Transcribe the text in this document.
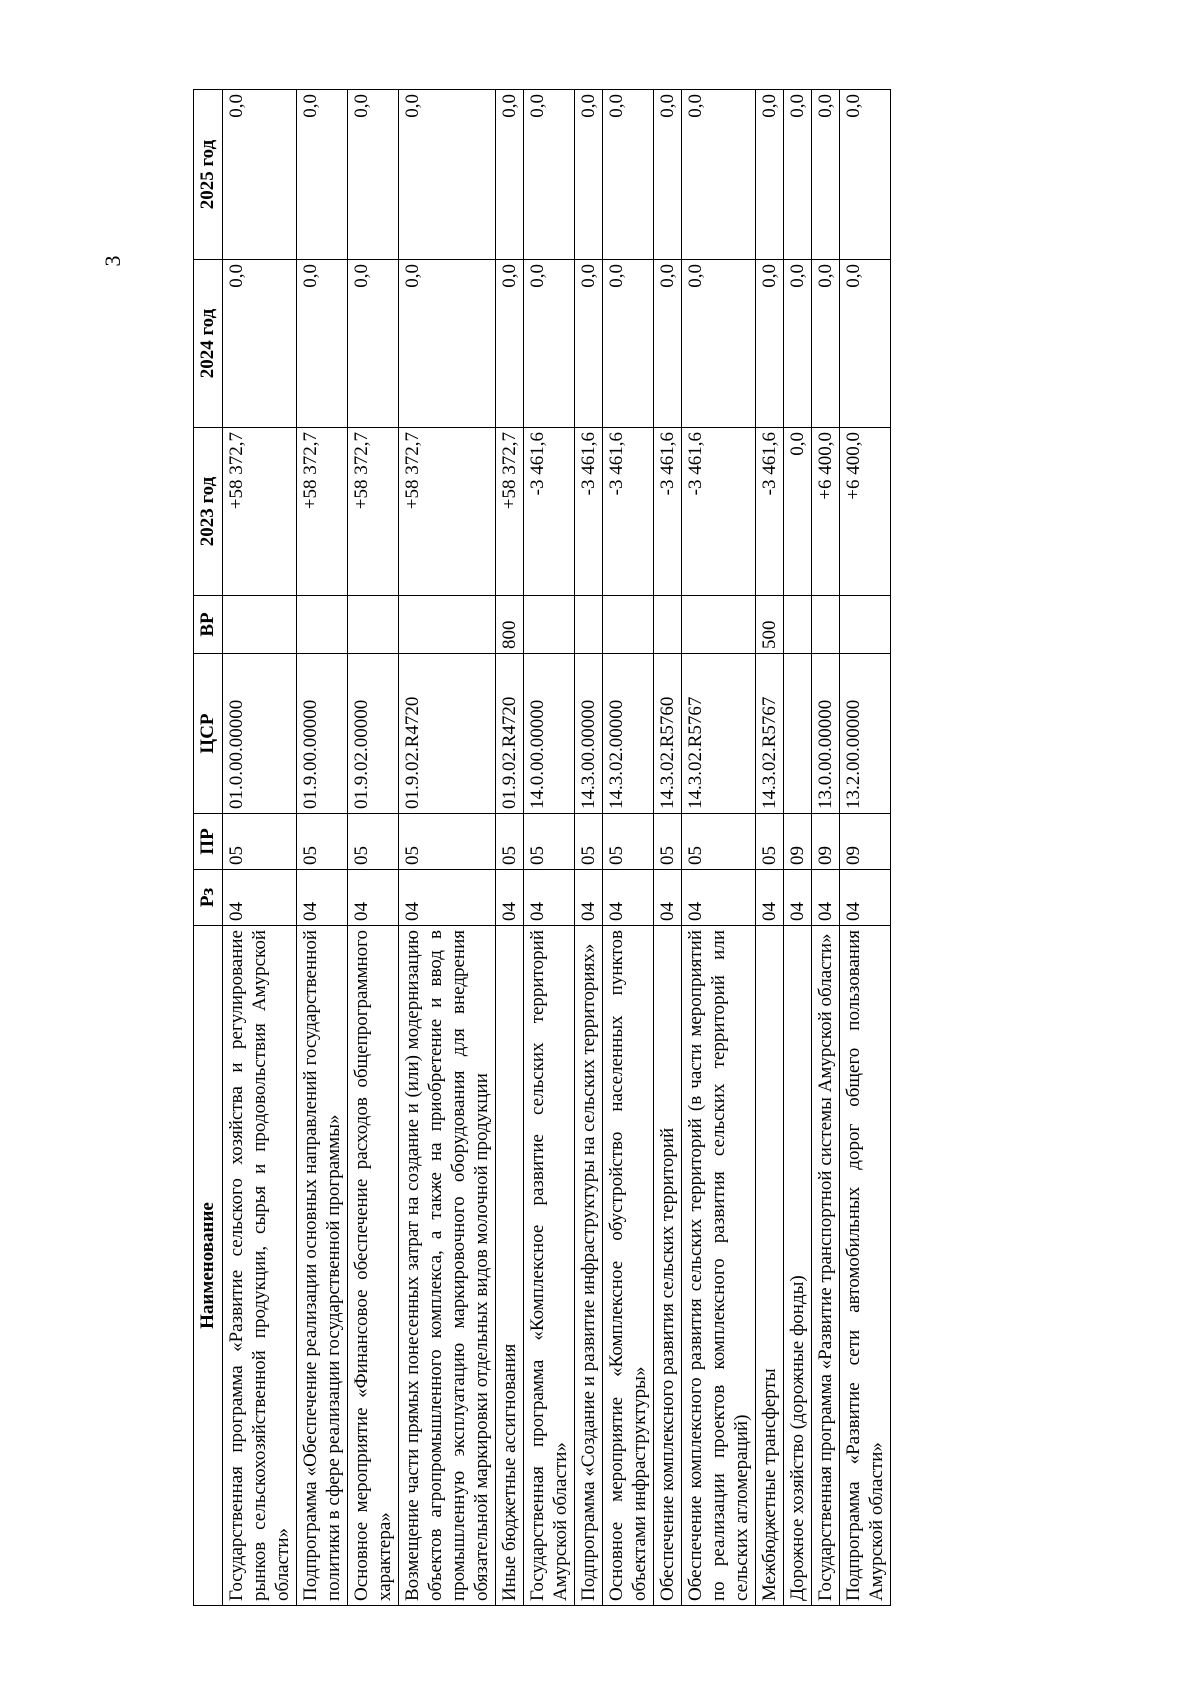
3
Наименование	Рз	ПР	ЦСР	ВР	2023 год	2024 год	2025 год
Государственная программа «Развитие сельского хозяйства и регулирование рынков сельскохозяйственной продукции, сырья и продовольствия Амурской области»	04	05	01.0.00.00000		+58 372,7	0,0	0,0
Подпрограмма «Обеспечение реализации основных направлений государственной политики в сфере реализации государственной программы»	04	05	01.9.00.00000		+58 372,7	0,0	0,0
Основное мероприятие «Финансовое обеспечение расходов общепрограммного характера»	04	05	01.9.02.00000		+58 372,7	0,0	0,0
Возмещение части прямых понесенных затрат на создание и (или) модернизацию объектов агропромышленного комплекса, а также на приобретение и ввод в промышленную эксплуатацию маркировочного оборудования для внедрения обязательной маркировки отдельных видов молочной продукции	04	05	01.9.02.R4720		+58 372,7	0,0	0,0
Иные бюджетные ассигнования	04	05	01.9.02.R4720	800	+58 372,7	0,0	0,0
Государственная программа «Комплексное развитие сельских территорий Амурской области»	04	05	14.0.00.00000		-3 461,6	0,0	0,0
Подпрограмма «Создание и развитие инфраструктуры на сельских территориях»	04	05	14.3.00.00000		-3 461,6	0,0	0,0
Основное мероприятие «Комплексное обустройство населенных пунктов объектами инфраструктуры»	04	05	14.3.02.00000		-3 461,6	0,0	0,0
Обеспечение комплексного развития сельских территорий	04	05	14.3.02.R5760		-3 461,6	0,0	0,0
Обеспечение комплексного развития сельских территорий (в части мероприятий по реализации проектов комплексного развития сельских территорий или сельских агломераций)	04	05	14.3.02.R5767		-3 461,6	0,0	0,0
Межбюджетные трансферты	04	05	14.3.02.R5767	500	-3 461,6	0,0	0,0
Дорожное хозяйство (дорожные фонды)	04	09			0,0	0,0	0,0
Государственная программа «Развитие транспортной системы Амурской области»	04	09	13.0.00.00000		+6 400,0	0,0	0,0
Подпрограмма «Развитие сети автомобильных дорог общего пользования Амурской области»	04	09	13.2.00.00000		+6 400,0	0,0	0,0
